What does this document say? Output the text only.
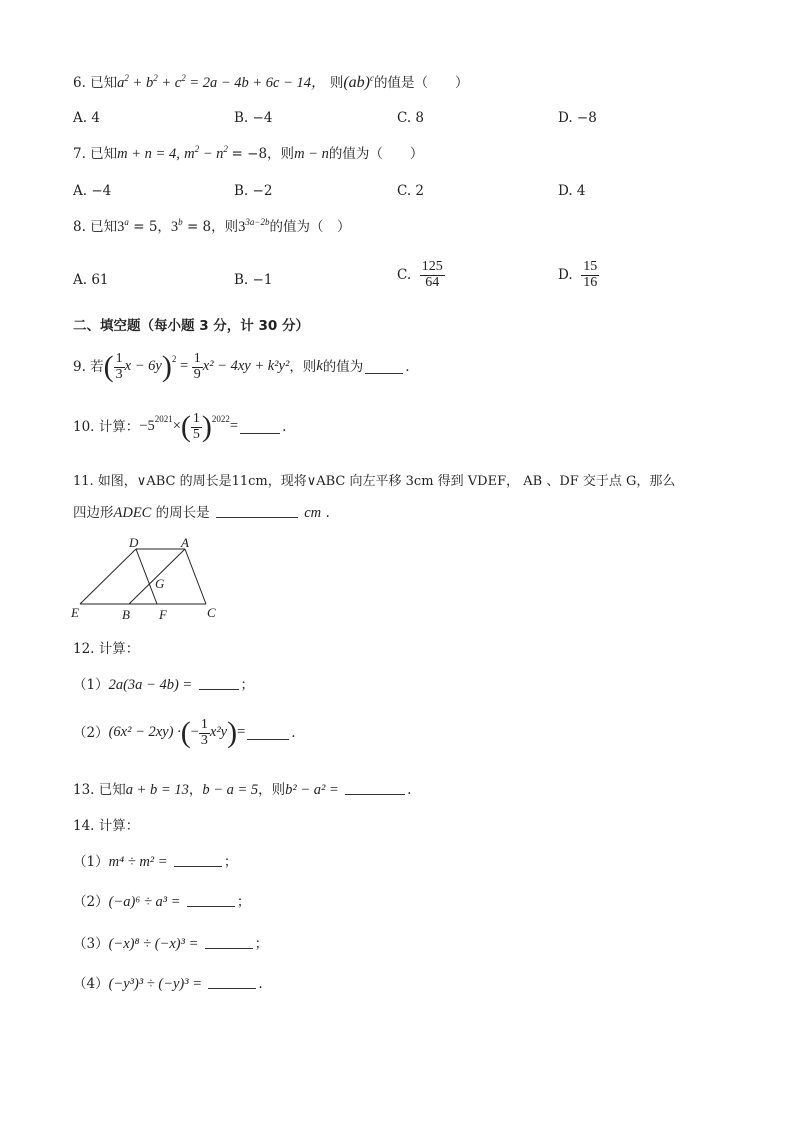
6. 已知$a^2 + b^2 + c^2 = 2a - 4b + 6c - 14$， 则(ab)$^c$的值是（　　）
A. 4	B. −4	C. 8	D. −8
7. 已知m + n = 4, $m^2 - n^2 = -8$，则m − n的值为（　　）
A. −4	B. −2	C. 2	D. 4
8. 已知$3^a = 5$，$3^b = 8$，则$3^{3a-2b}$的值为（　）
A. 61	B. −1	C.
$\frac{125}{64}$	D.
$\frac{15}{16}$
二、填空题（每小题 3 分，计 30 分）
9. 若 ( $\frac{1}{3}$ x − 6y ) $2 = \frac{1}{9} x^2 - 4xy + k^2y^2$ ，则 k 的值为	.
10. 计算： −5 2021 × ( $\frac{1}{5}$ ) 2022 =	.
11. 如图，∨ABC 的周长是11cm，现将∨ABC 向左平移 3cm 得到 VDEF， AB 、DF 交于点 G，那么
四边形ADEC 的周长是	cm .
D	A
G
E	B F	C
12. 计算：
（1）2a(3a − 4b) =	；
（2） (6x² − 2xy) · ( − $\frac{1}{3} x^2y$ ) =	.
13. 已知a + b = 13，b − a = 5，则b² − a² =	.
14. 计算：
（1）m⁴ ÷ m² =	；
（2）(−a)⁶ ÷ a³ =	；
（3）(−x)⁸ ÷ (−x)³ =	；
（4）(−y³)³ ÷ (−y)³ =	.
